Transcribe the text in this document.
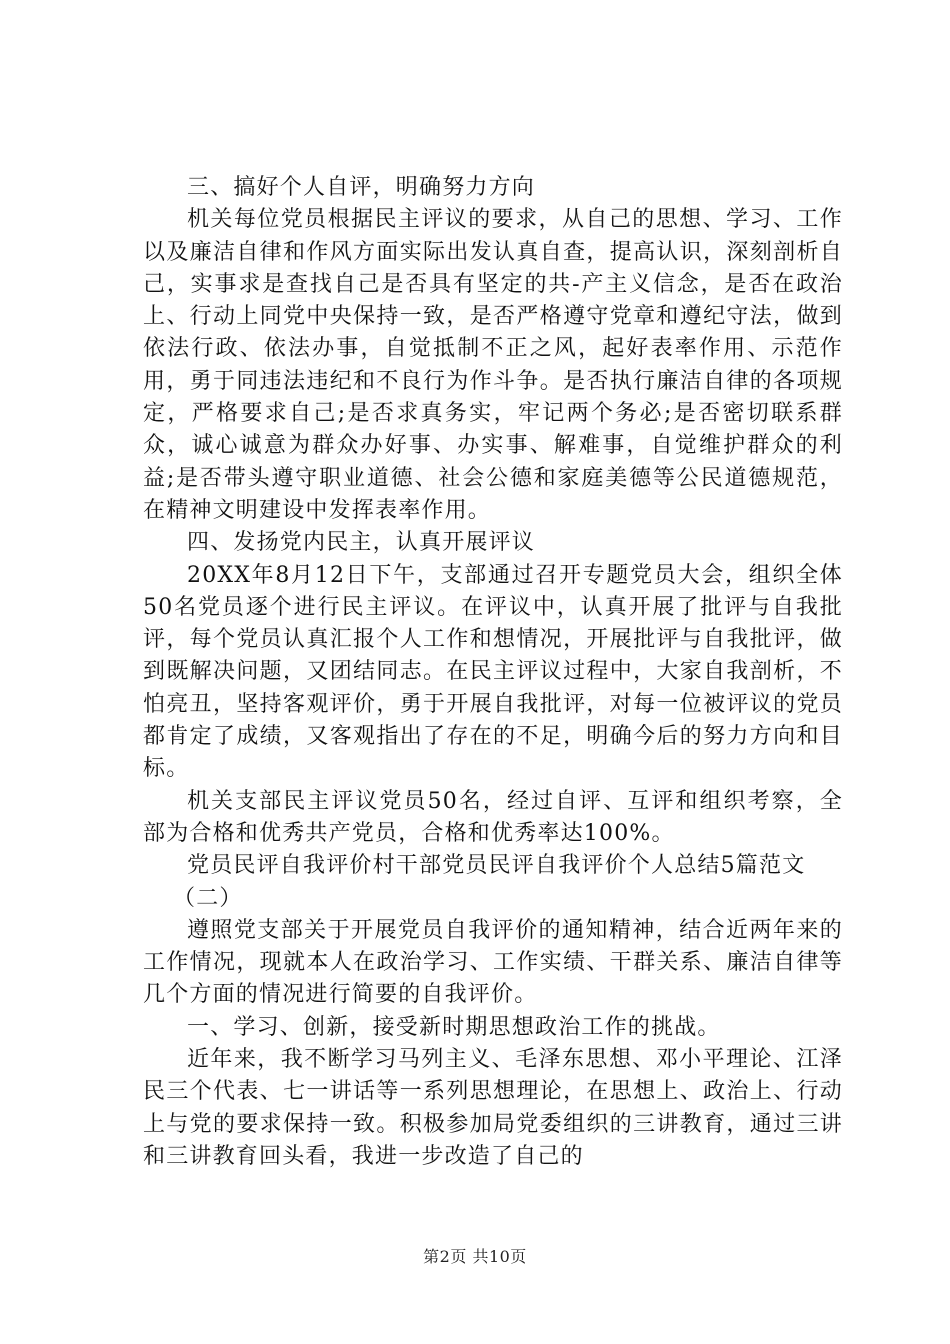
三、搞好个人自评，明确努力方向

机关每位党员根据民主评议的要求，从自己的思想、学习、工作以及廉洁自律和作风方面实际出发认真自查，提高认识，深刻剖析自己，实事求是查找自己是否具有坚定的共-产主义信念，是否在政治上、行动上同党中央保持一致，是否严格遵守党章和遵纪守法，做到依法行政、依法办事，自觉抵制不正之风，起好表率作用、示范作用，勇于同违法违纪和不良行为作斗争。是否执行廉洁自律的各项规定，严格要求自己;是否求真务实，牢记两个务必;是否密切联系群众，诚心诚意为群众办好事、办实事、解难事，自觉维护群众的利益;是否带头遵守职业道德、社会公德和家庭美德等公民道德规范，在精神文明建设中发挥表率作用。

四、发扬党内民主，认真开展评议

20XX年8月12日下午，支部通过召开专题党员大会，组织全体50名党员逐个进行民主评议。在评议中，认真开展了批评与自我批评，每个党员认真汇报个人工作和想情况，开展批评与自我批评，做到既解决问题，又团结同志。在民主评议过程中，大家自我剖析，不怕亮丑，坚持客观评价，勇于开展自我批评，对每一位被评议的党员都肯定了成绩，又客观指出了存在的不足，明确今后的努力方向和目标。

机关支部民主评议党员50名，经过自评、互评和组织考察，全部为合格和优秀共产党员，合格和优秀率达100%。

党员民评自我评价村干部党员民评自我评价个人总结5篇范文

（二）

遵照党支部关于开展党员自我评价的通知精神，结合近两年来的工作情况，现就本人在政治学习、工作实绩、干群关系、廉洁自律等几个方面的情况进行简要的自我评价。

一、学习、创新，接受新时期思想政治工作的挑战。

近年来，我不断学习马列主义、毛泽东思想、邓小平理论、江泽民三个代表、七一讲话等一系列思想理论，在思想上、政治上、行动上与党的要求保持一致。积极参加局党委组织的三讲教育，通过三讲和三讲教育回头看，我进一步改造了自己的

第2页 共10页
